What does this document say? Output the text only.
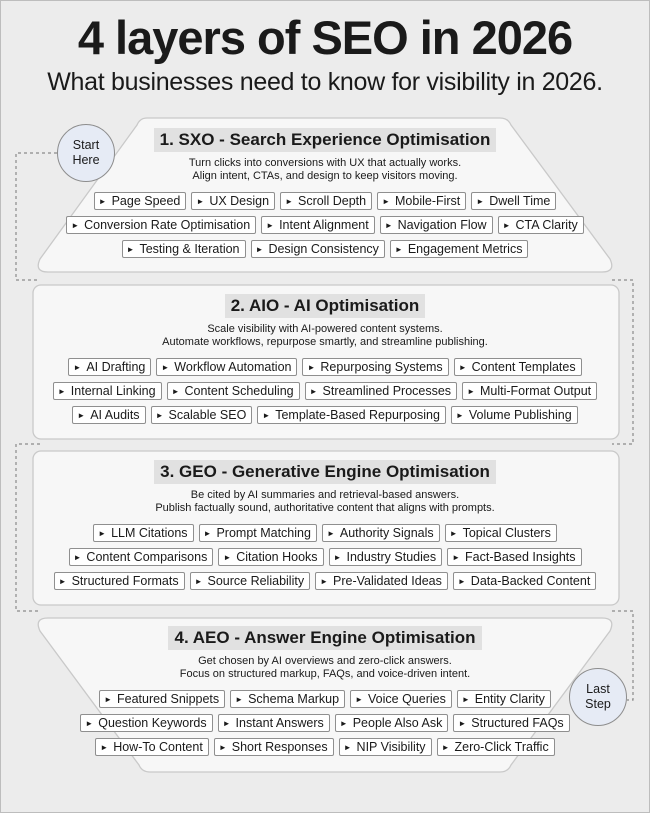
4 layers of SEO in 2026

What businesses need to know for visibility in 2026.

Start
Here
Last
Step
1. SXO - Search Experience Optimisation
Turn clicks into conversions with UX that actually works.
Align intent, CTAs, and design to keep visitors moving.
► Page Speed ► UX Design ► Scroll Depth ► Mobile-First ► Dwell Time
► Conversion Rate Optimisation ► Intent Alignment ► Navigation Flow ► CTA Clarity
► Testing & Iteration ► Design Consistency ► Engagement Metrics
2. AIO - AI Optimisation
Scale visibility with AI-powered content systems.
Automate workflows, repurpose smartly, and streamline publishing.
► AI Drafting ► Workflow Automation ► Repurposing Systems ► Content Templates
► Internal Linking ► Content Scheduling ► Streamlined Processes ► Multi-Format Output
► AI Audits ► Scalable SEO ► Template-Based Repurposing ► Volume Publishing
3. GEO - Generative Engine Optimisation
Be cited by AI summaries and retrieval-based answers.
Publish factually sound, authoritative content that aligns with prompts.
► LLM Citations ► Prompt Matching ► Authority Signals ► Topical Clusters
► Content Comparisons ► Citation Hooks ► Industry Studies ► Fact-Based Insights
► Structured Formats ► Source Reliability ► Pre-Validated Ideas ► Data-Backed Content
4. AEO - Answer Engine Optimisation
Get chosen by AI overviews and zero-click answers.
Focus on structured markup, FAQs, and voice-driven intent.
► Featured Snippets ► Schema Markup ► Voice Queries ► Entity Clarity
► Question Keywords ► Instant Answers ► People Also Ask ► Structured FAQs
► How-To Content ► Short Responses ► NIP Visibility ► Zero-Click Traffic
